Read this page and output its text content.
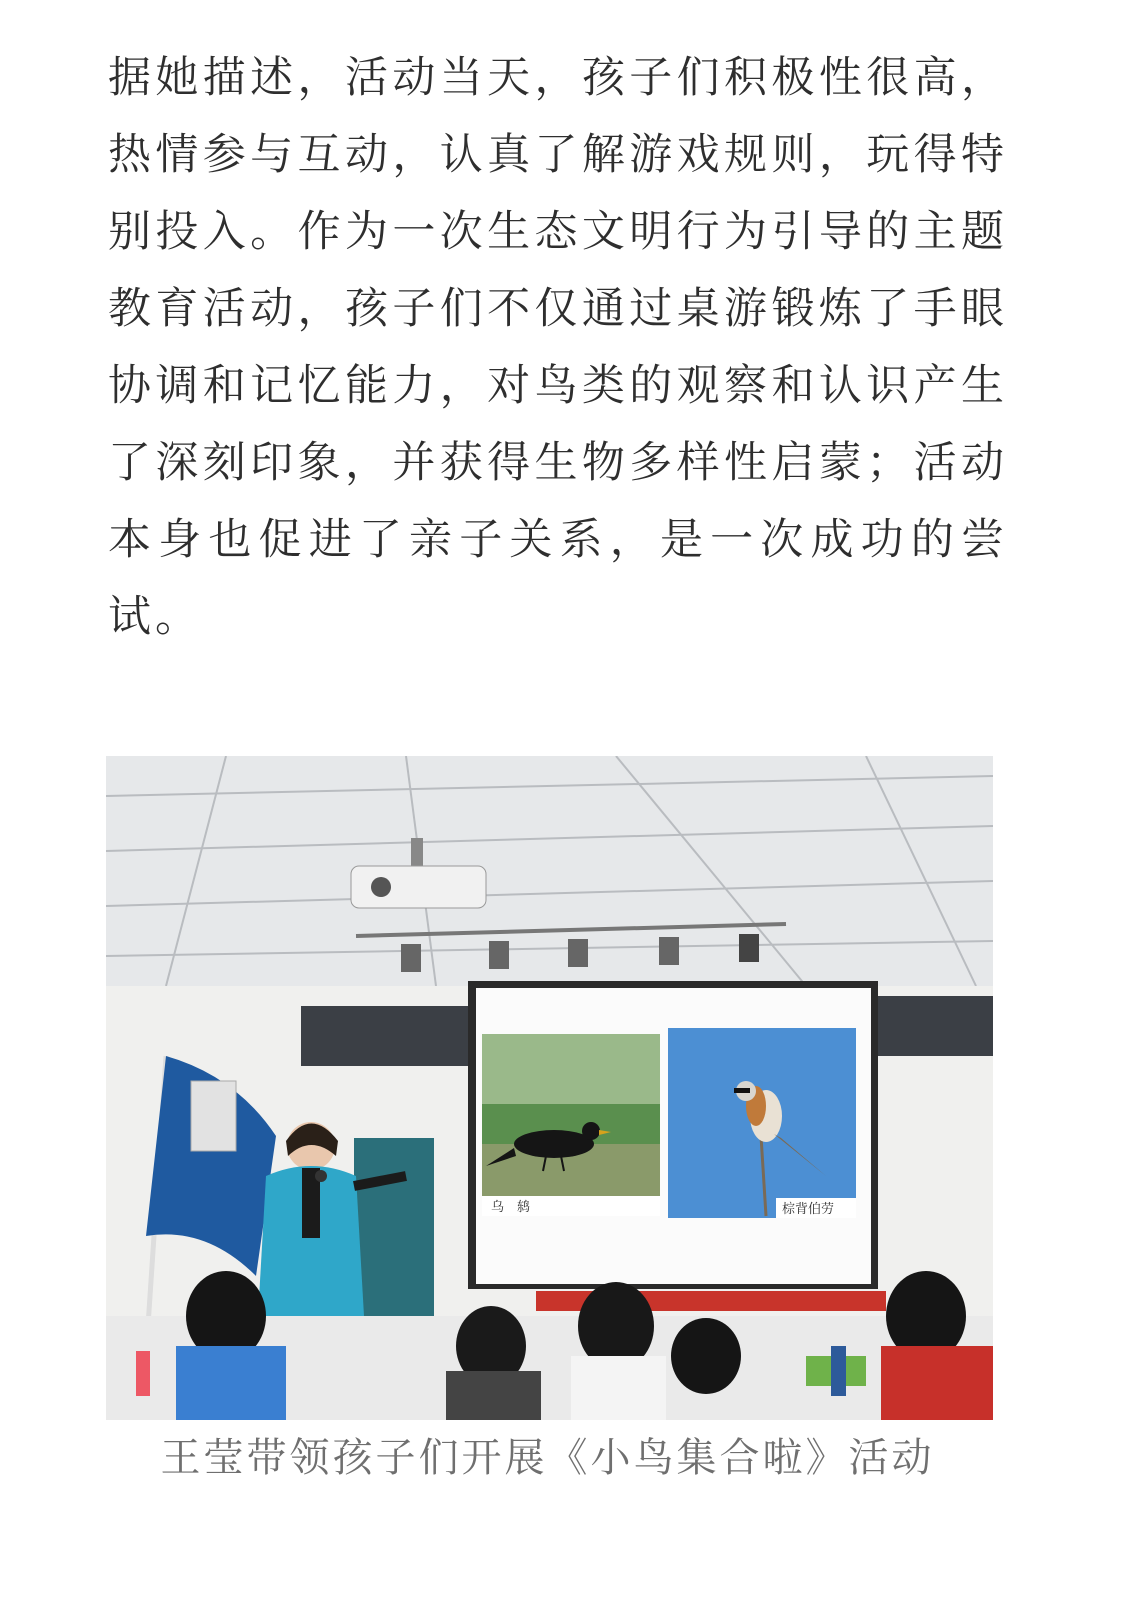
据她描述，活动当天，孩子们积极性很高，热情参与互动，认真了解游戏规则，玩得特别投入。作为一次生态文明行为引导的主题教育活动，孩子们不仅通过桌游锻炼了手眼协调和记忆能力，对鸟类的观察和认识产生了深刻印象，并获得生物多样性启蒙；活动本身也促进了亲子关系，是一次成功的尝试。

乌　鸫	棕背伯劳
王莹带领孩子们开展《小鸟集合啦》活动
